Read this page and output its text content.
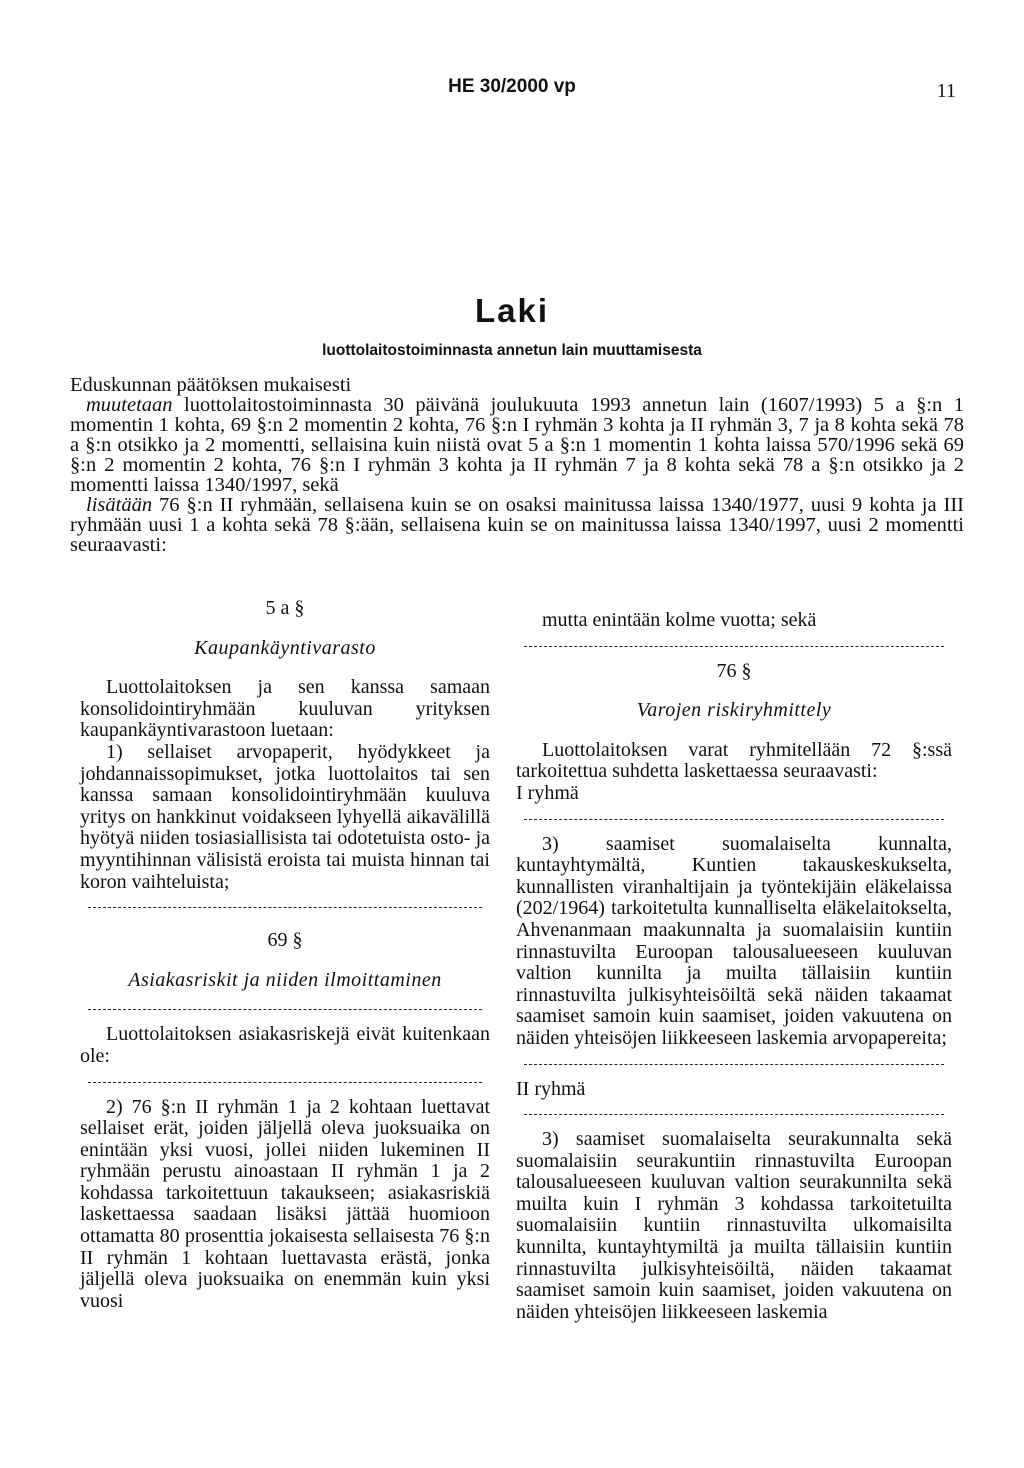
HE 30/2000 vp	11
Laki
luottolaitostoiminnasta annetun lain muuttamisesta

Eduskunnan päätöksen mukaisesti

muutetaan luottolaitostoiminnasta 30 päivänä joulukuuta 1993 annetun lain (1607/1993) 5 a §:n 1 momentin 1 kohta, 69 §:n 2 momentin 2 kohta, 76 §:n I ryhmän 3 kohta ja II ryhmän 3, 7 ja 8 kohta sekä 78 a §:n otsikko ja 2 momentti, sellaisina kuin niistä ovat 5 a §:n 1 momentin 1 kohta laissa 570/1996 sekä 69 §:n 2 momentin 2 kohta, 76 §:n I ryhmän 3 kohta ja II ryhmän 7 ja 8 kohta sekä 78 a §:n otsikko ja 2 momentti laissa 1340/1997, sekä

lisätään 76 §:n II ryhmään, sellaisena kuin se on osaksi mainitussa laissa 1340/1977, uusi 9 kohta ja III ryhmään uusi 1 a kohta sekä 78 §:ään, sellaisena kuin se on mainitussa laissa 1340/1997, uusi 2 momentti seuraavasti:

5 a §

Kaupankäyntivarasto

Luottolaitoksen ja sen kanssa samaan konsolidointiryhmään kuuluvan yrityksen kaupankäyntivarastoon luetaan:

1) sellaiset arvopaperit, hyödykkeet ja johdannaissopimukset, jotka luottolaitos tai sen kanssa samaan konsolidointiryhmään kuuluva yritys on hankkinut voidakseen lyhyellä aikavälillä hyötyä niiden tosiasiallisista tai odotetuista osto- ja myyntihinnan välisistä eroista tai muista hinnan tai koron vaihteluista;

69 §

Asiakasriskit ja niiden ilmoittaminen

Luottolaitoksen asiakasriskejä eivät kuitenkaan ole:

2) 76 §:n II ryhmän 1 ja 2 kohtaan luettavat sellaiset erät, joiden jäljellä oleva juoksuaika on enintään yksi vuosi, jollei niiden lukeminen II ryhmään perustu ainoastaan II ryhmän 1 ja 2 kohdassa tarkoitettuun takaukseen; asiakasriskiä laskettaessa saadaan lisäksi jättää huomioon ottamatta 80 prosenttia jokaisesta sellaisesta 76 §:n II ryhmän 1 kohtaan luettavasta erästä, jonka jäljellä oleva juoksuaika on enemmän kuin yksi vuosi

mutta enintään kolme vuotta; sekä

76 §

Varojen riskiryhmittely

Luottolaitoksen varat ryhmitellään 72 §:ssä tarkoitettua suhdetta laskettaessa seuraavasti:

I ryhmä

3) saamiset suomalaiselta kunnalta, kuntayhtymältä, Kuntien takauskeskukselta, kunnallisten viranhaltijain ja työntekijäin eläkelaissa (202/1964) tarkoitetulta kunnalliselta eläkelaitokselta, Ahvenanmaan maakunnalta ja suomalaisiin kuntiin rinnastuvilta Euroopan talousalueeseen kuuluvan valtion kunnilta ja muilta tällaisiin kuntiin rinnastuvilta julkisyhteisöiltä sekä näiden takaamat saamiset samoin kuin saamiset, joiden vakuutena on näiden yhteisöjen liikkeeseen laskemia arvopapereita;

II ryhmä

3) saamiset suomalaiselta seurakunnalta sekä suomalaisiin seurakuntiin rinnastuvilta Euroopan talousalueeseen kuuluvan valtion seurakunnilta sekä muilta kuin I ryhmän 3 kohdassa tarkoitetuilta suomalaisiin kuntiin rinnastuvilta ulkomaisilta kunnilta, kuntayhtymiltä ja muilta tällaisiin kuntiin rinnastuvilta julkisyhteisöiltä, näiden takaamat saamiset samoin kuin saamiset, joiden vakuutena on näiden yhteisöjen liikkeeseen laskemia
